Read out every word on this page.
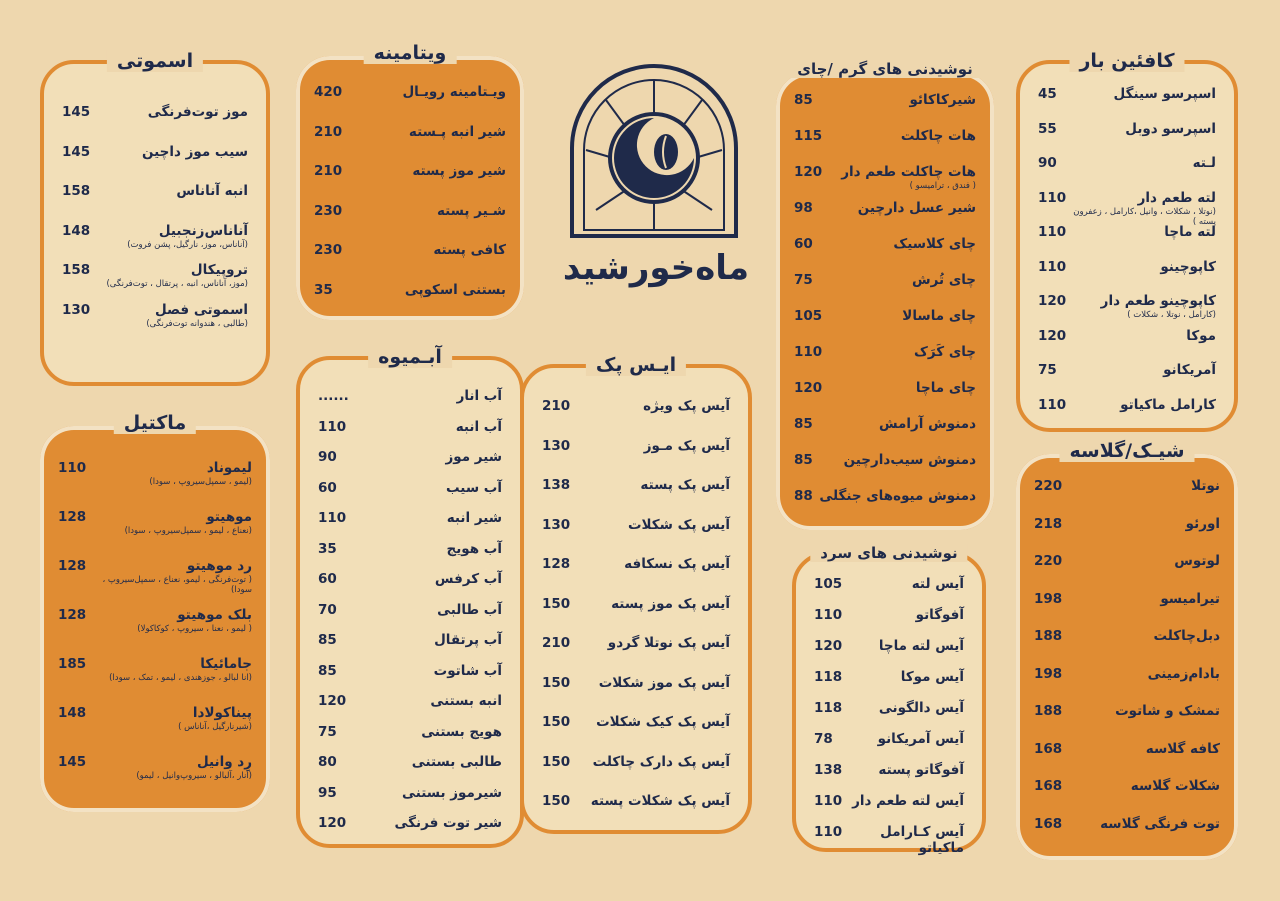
اسموتی
موز توت‌فرنگی
145
سیب موز داچین
145
انبه آناناس
158
آناناس‌زنجبیل
(آناناس، موز، نارگیل، پشن فروت)
148
تروپیکال
(موز، آناناس، انبه ، پرتقال ، توت‌فرنگی)
158
اسموتی فصل
(طالبی ، هندوانه توت‌فرنگی)
130
ویتامینه
ویـتامینه رویـال
420
شیر انبه پـسته
210
شیر موز پسته
210
شـیر پسته
230
کافی پسته
230
بستنی اسکوپی
35
ماه‌خورشید
نوشیدنی های گرم /چای
شیرکاکائو
85
هات چاکلت
115
هات چاکلت طعم دار
( فندق ، ترامیسو )
120
شیر عسل دارچین
98
چای کلاسیک
60
چای تُرش
75
چای ماسالا
105
چای کَرَک
110
چای ماچا
120
دمنوش آرامش
85
دمنوش سیب‌دارچین
85
دمنوش میوه‌های جنگلی
88
کافئین بار
اسپرسو سینگل
45
اسپرسو دوبل
55
لـته
90
لته طعم دار
(نوتلا ، شکلات ، وانیل ،کارامل ، زعفرون پسته )
110
لته ماچا
110
کاپوچینو
110
کاپوچینو طعم دار
(کارامل ، نوتلا ، شکلات )
120
موکا
120
آمریکانو
75
کارامل ماکیاتو
110
ماکتیل
لیموناد
(لیمو ، سمپل‌سیروپ ، سودا)
110
موهیتو
(نعناع ، لیمو ، سمپل‌سیروپ ، سودا)
128
رد موهیتو
( توت‌فرنگی ، لیمو، نعناع ، سمپل‌سیروپ ، سودا)
128
بلک موهیتو
( لیمو ، نعنا ، سیروپ ، کوکاکولا)
128
جامائیکا
(انا لبالو ، جوزهندی ، لیمو ، تمک ، سودا)
185
پیناکولادا
(شیرنارگیل ،آناناس )
148
رِد وانیل
(انار ،آلبالو ، سیروپ‌وانیل ، لیمو)
145
آبـمیوه
آب انار
......
آب انبه
110
شیر موز
90
آب سیب
60
شیر انبه
110
آب هویج
35
آب کرفس
60
آب طالبی
70
آب پرتقال
85
آب شاتوت
85
انبه بستنی
120
هویج بستنی
75
طالبی بستنی
80
شیرموز بستنی
95
شیر توت فرنگی
120
ایـس پک
آیس پک ویژه
210
آیس پک مـوز
130
آیس پک پسته
138
آیس پک شکلات
130
آیس پک نسکافه
128
آیس پک موز پسته
150
آیس پک نوتلا گردو
210
آیس پک موز شکلات
150
آیس پک کیک شکلات
150
آیس پک دارک چاکلت
150
آیس پک شکلات پسته
150
نوشیدنی های سرد
آیس لته
105
آفوگاتو
110
آیس لته ماچا
120
آیس موکا
118
آیس دالگونی
118
آیس آمریکانو
78
آفوگاتو پسته
138
آیس لته طعم دار
110
آیس کـارامل ماکیاتو
110
شیـک/گلاسه
نوتلا
220
اورئو
218
لوتوس
220
تیرامیسو
198
دبل‌چاکلت
188
بادام‌زمینی
198
تمشک و شاتوت
188
کافه گلاسه
168
شکلات گلاسه
168
توت فرنگی گلاسه
168
